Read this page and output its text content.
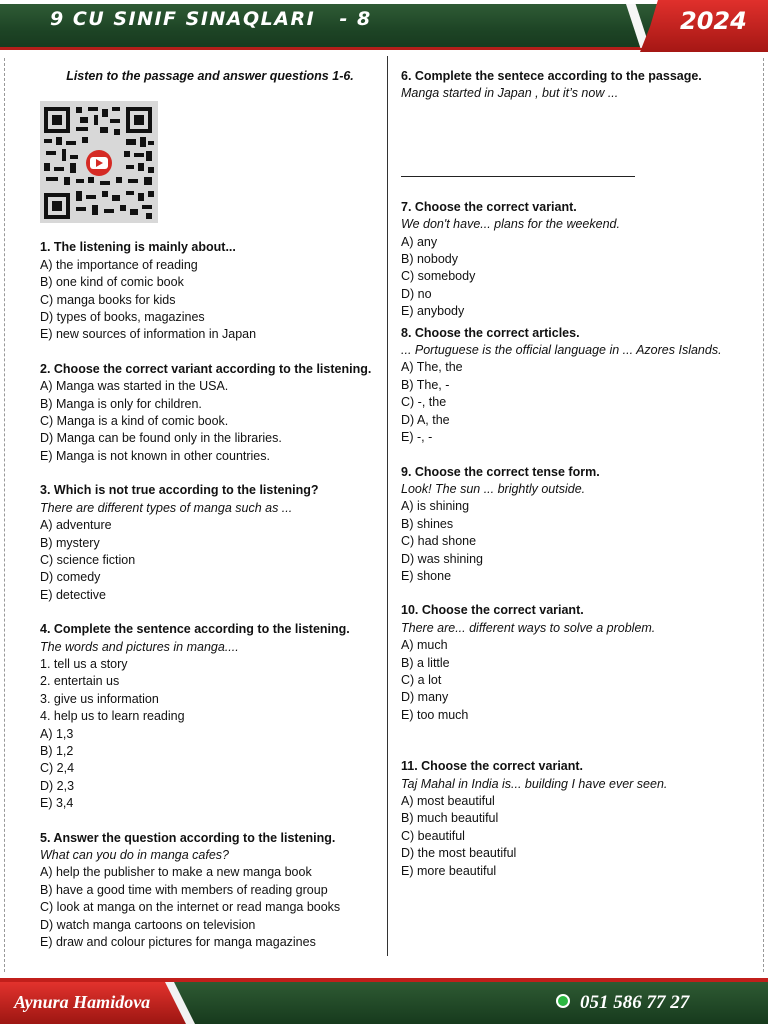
9 CU SINIF SINAQLARI   - 8	2024
Listen to the passage and answer questions 1-6.
1. The listening is mainly about...
A) the importance of reading
B) one kind of comic book
C) manga books for kids
D) types of books, magazines
E) new sources of information in Japan
2. Choose the correct variant according to the listening.
A) Manga was started in the USA.
B) Manga is only for children.
C) Manga is a kind of comic book.
D) Manga can be found only in the libraries.
E) Manga is not known in other countries.
3. Which is not true according to the listening?
There are different types of manga such as ...
A) adventure
B) mystery
C) science fiction
D) comedy
E) detective
4. Complete the sentence according to the listening.
The words and pictures in manga....
1. tell us a story
2. entertain us
3. give us information
4. help us to learn reading
A) 1,3
B) 1,2
C) 2,4
D) 2,3
E) 3,4
5. Answer the question according to the listening.
What can you do in manga cafes?
A) help the publisher to make a new manga book
B) have a good time with members of reading group
C) look at manga on the internet or read manga books
D) watch manga cartoons on television
E) draw and colour pictures for manga magazines
6. Complete the sentece according to the passage.
Manga started in Japan , but it’s now ...
7. Choose the correct variant.
We don't have... plans for the weekend.
A) any
B) nobody
C) somebody
D) no
E) anybody
8. Choose the correct articles.
... Portuguese is the official language in ... Azores Islands.
A) The, the
B) The, -
C) -, the
D) A, the
E) -, -
9. Choose the correct tense form.
Look! The sun ... brightly outside.
A) is shining
B) shines
C) had shone
D) was shining
E) shone
10. Choose the correct variant.
There are... different ways to solve a problem.
A) much
B) a little
C) a lot
D) many
E) too much
11. Choose the correct variant.
Taj Mahal in India is... building I have ever seen.
A) most beautiful
B) much beautiful
C) beautiful
D) the most beautiful
E) more beautiful
Aynura Hamidova	051 586 77 27
